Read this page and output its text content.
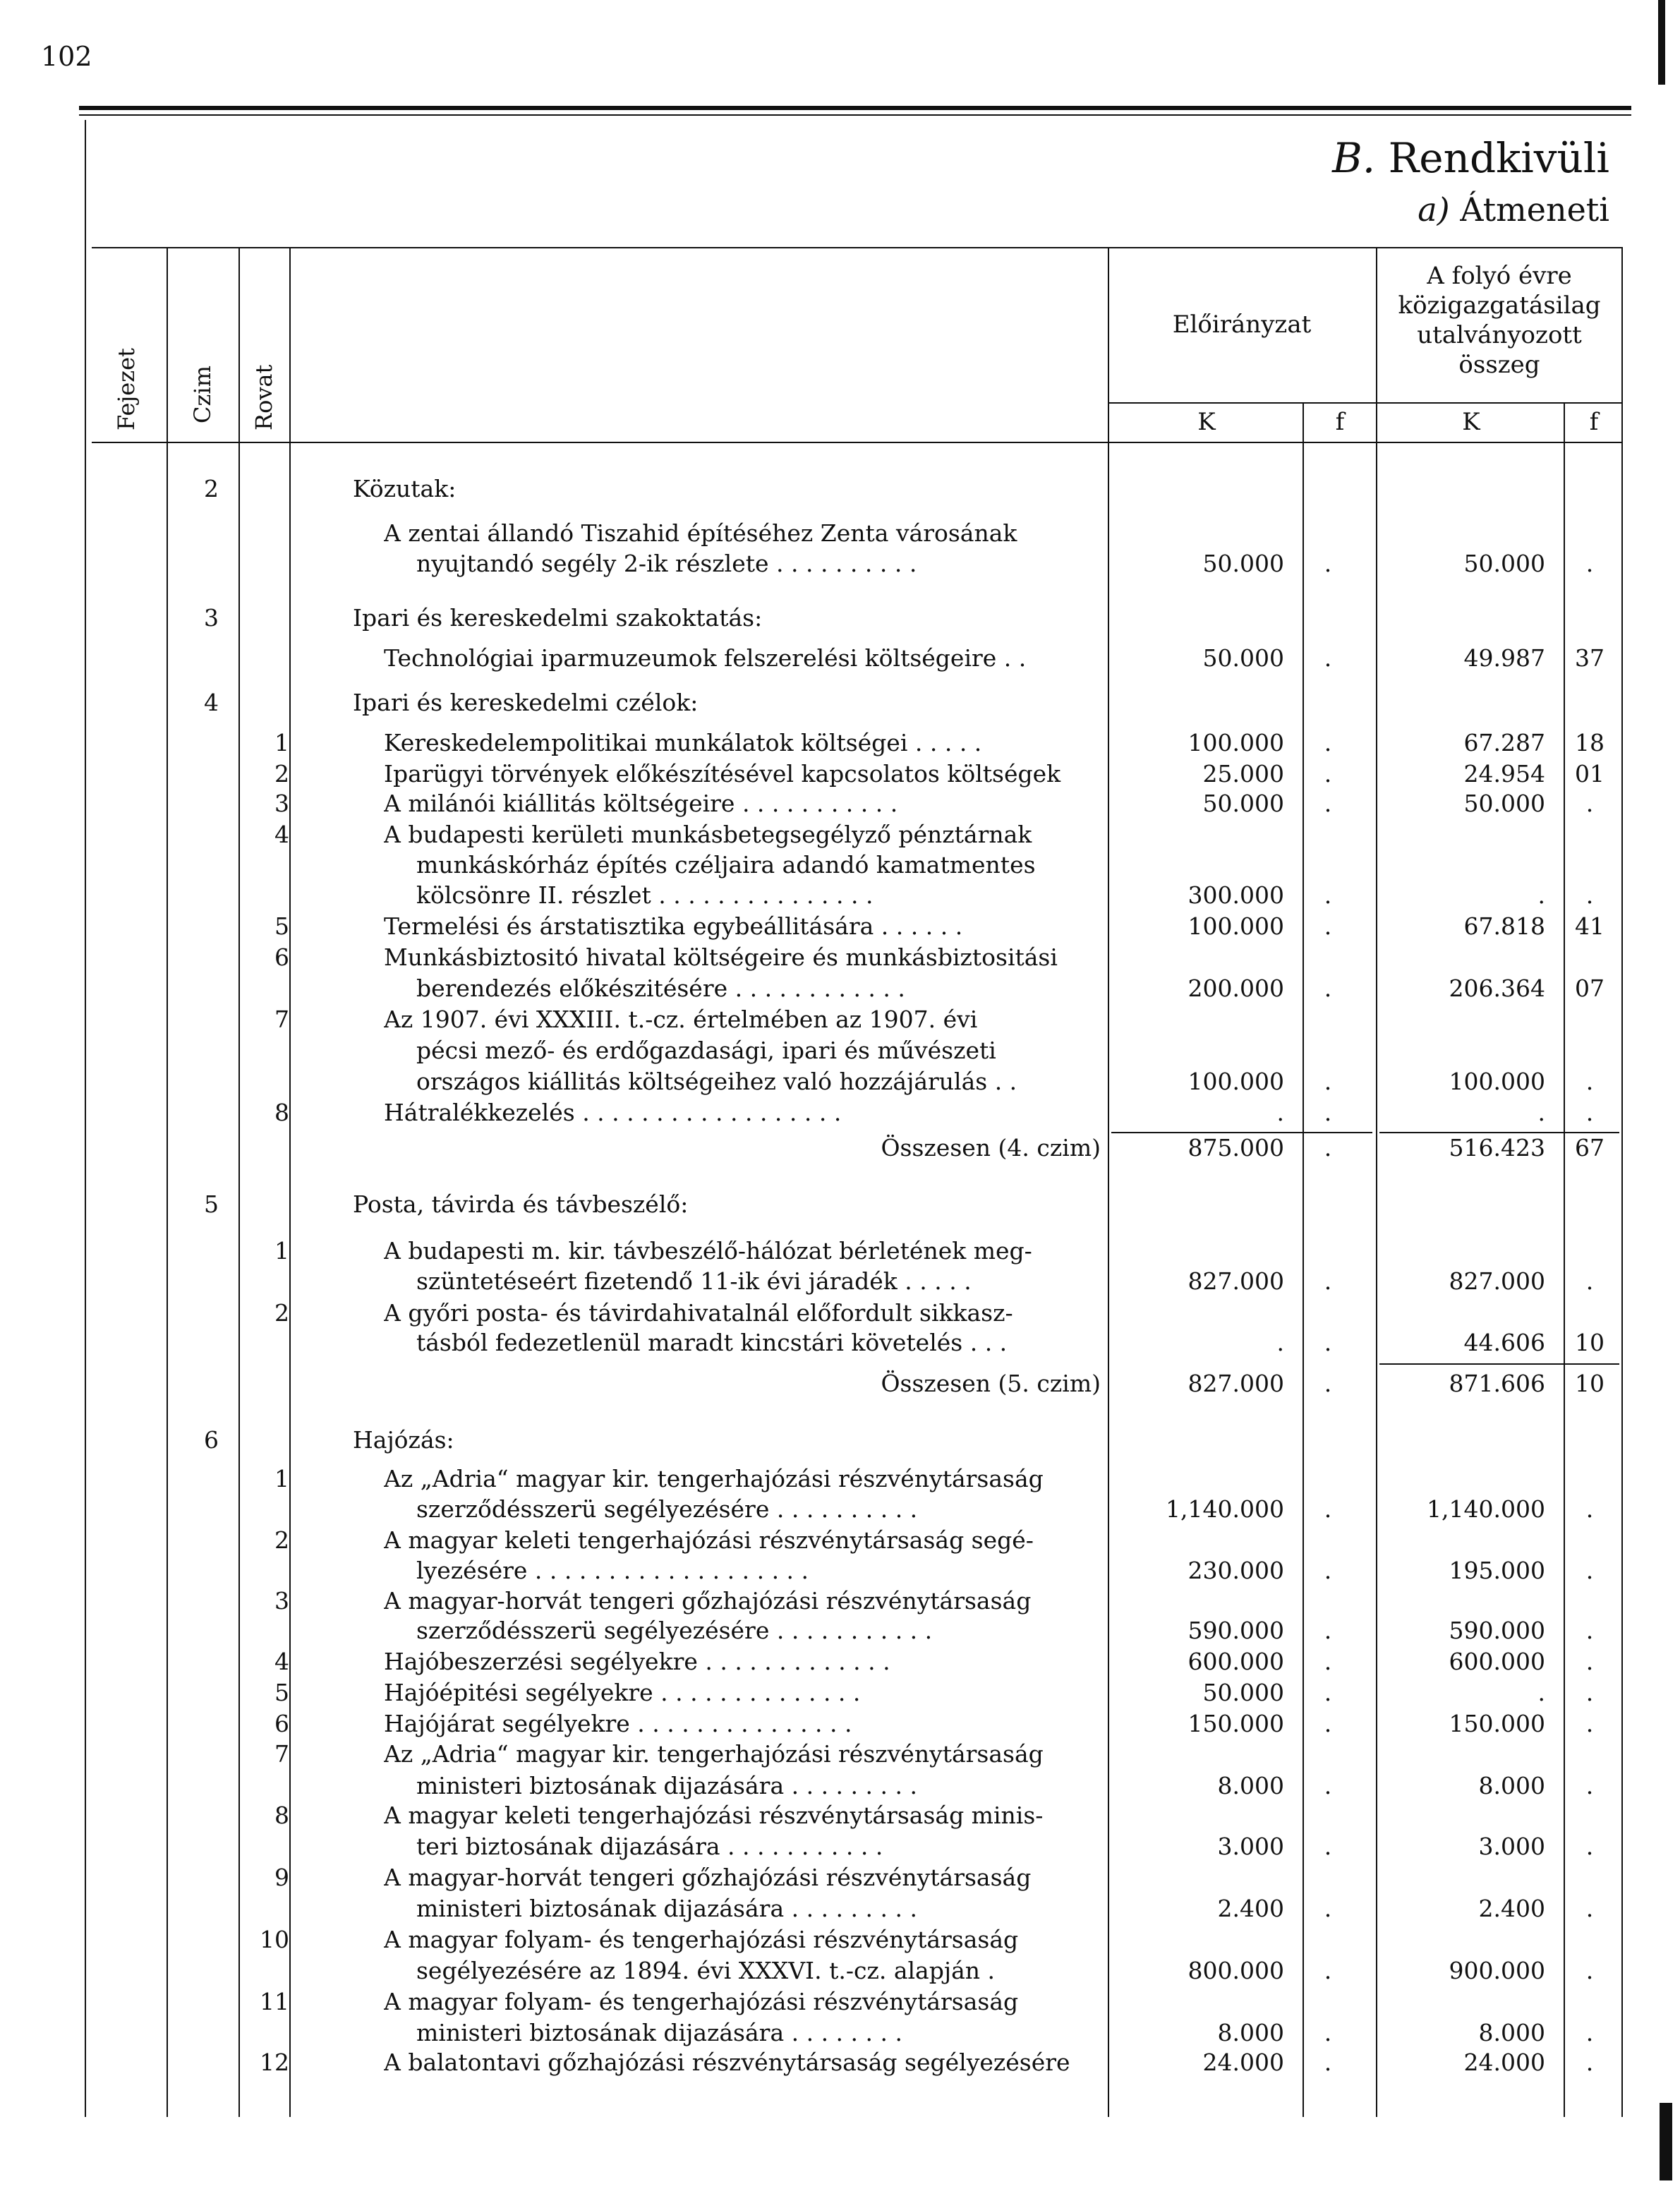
102
B. Rendkivüli
a) Átmeneti
Fejezet Czim Rovat
Előirányzat
A folyó évre
közigazgatásilag
utalványozott
összeg
K	f	K	f
2	Közutak:
A zentai állandó Tiszahid építéséhez Zenta városának
nyujtandó segély 2-ik részlete . . . . . . . . . .	50.000	.	50.000	.
3	Ipari és kereskedelmi szakoktatás:
Technológiai iparmuzeumok felszerelési költségeire . .	50.000	.	49.987	37
4	Ipari és kereskedelmi czélok:
1	Kereskedelempolitikai munkálatok költségei . . . . .	100.000	.	67.287	18
2	Iparügyi törvények előkészítésével kapcsolatos költségek	25.000	.	24.954	01
3	A milánói kiállitás költségeire . . . . . . . . . . .	50.000	.	50.000	.
4	A budapesti kerületi munkásbetegsegélyző pénztárnak
munkáskórház építés czéljaira adandó kamatmentes
kölcsönre II. részlet . . . . . . . . . . . . . . .	300.000	.	.	.
5	Termelési és árstatisztika egybeállitására . . . . . .	100.000	.	67.818	41
6	Munkásbiztositó hivatal költségeire és munkásbiztositási
berendezés előkészitésére . . . . . . . . . . . .	200.000	.	206.364	07
7	Az 1907. évi XXXIII. t.-cz. értelmében az 1907. évi
pécsi mező- és erdőgazdasági, ipari és művészeti
országos kiállitás költségeihez való hozzájárulás . .	100.000	.	100.000	.
8	Hátralékkezelés . . . . . . . . . . . . . . . . . .	.	.	.	.
Összesen (4. czim)	875.000	.	516.423	67
5	Posta, távirda és távbeszélő:
1	A budapesti m. kir. távbeszélő-hálózat bérletének meg-
szüntetéseért fizetendő 11-ik évi járadék . . . . .	827.000	.	827.000	.
2	A győri posta- és távirdahivatalnál előfordult sikkasz-
tásból fedezetlenül maradt kincstári követelés . . .	.	.	44.606	10
Összesen (5. czim)	827.000	.	871.606	10
6	Hajózás:
1	Az „Adria“ magyar kir. tengerhajózási részvénytársaság
szerződésszerü segélyezésére . . . . . . . . . .	1,140.000	.	1,140.000	.
2	A magyar keleti tengerhajózási részvénytársaság segé-
lyezésére . . . . . . . . . . . . . . . . . . .	230.000	.	195.000	.
3	A magyar-horvát tengeri gőzhajózási részvénytársaság
szerződésszerü segélyezésére . . . . . . . . . . .	590.000	.	590.000	.
4	Hajóbeszerzési segélyekre . . . . . . . . . . . . .	600.000	.	600.000	.
5	Hajóépitési segélyekre . . . . . . . . . . . . . .	50.000	.	.	.
6	Hajójárat segélyekre . . . . . . . . . . . . . . .	150.000	.	150.000	.
7	Az „Adria“ magyar kir. tengerhajózási részvénytársaság
ministeri biztosának dijazására . . . . . . . . .	8.000	.	8.000	.
8	A magyar keleti tengerhajózási részvénytársaság minis-
teri biztosának dijazására . . . . . . . . . . .	3.000	.	3.000	.
9	A magyar-horvát tengeri gőzhajózási részvénytársaság
ministeri biztosának dijazására . . . . . . . . .	2.400	.	2.400	.
10	A magyar folyam- és tengerhajózási részvénytársaság
segélyezésére az 1894. évi XXXVI. t.-cz. alapján .	800.000	.	900.000	.
11	A magyar folyam- és tengerhajózási részvénytársaság
ministeri biztosának dijazására . . . . . . . .	8.000	.	8.000	.
12	A balatontavi gőzhajózási részvénytársaság segélyezésére	24.000	.	24.000	.
